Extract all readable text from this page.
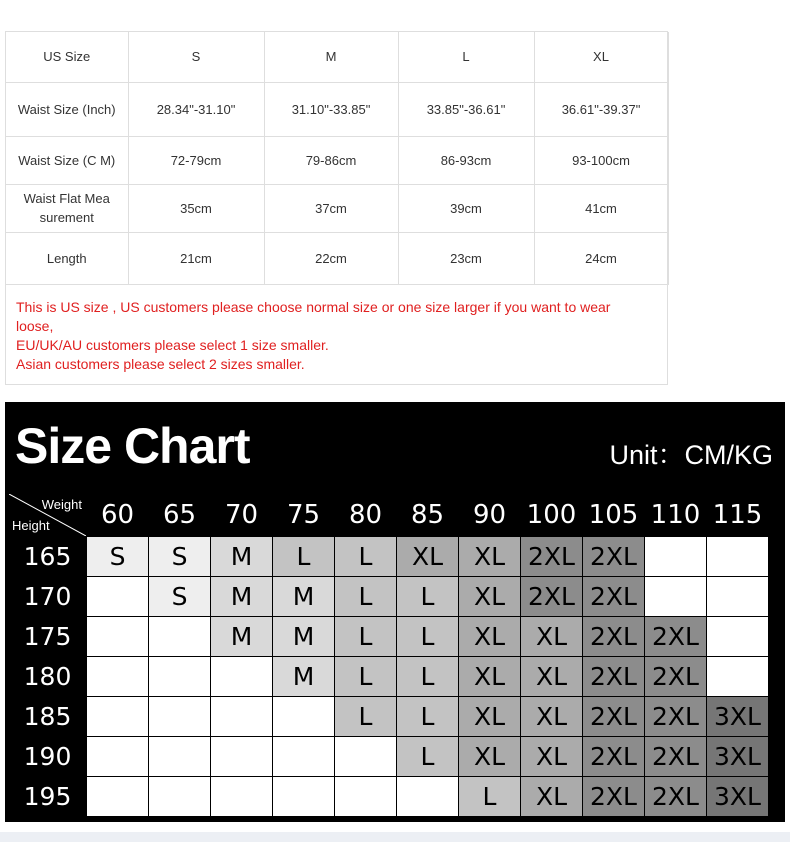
US Size	S	M	L	XL
Waist Size (Inch)	28.34"-31.10"	31.10"-33.85"	33.85"-36.61"	36.61"-39.37"
Waist Size (C M)	72-79cm	79-86cm	86-93cm	93-100cm
Waist Flat Mea surement	35cm	37cm	39cm	41cm
Length	21cm	22cm	23cm	24cm
This is US size , US customers please choose normal size or one size larger if you want to wear loose,
EU/UK/AU customers please select 1 size smaller.
Asian customers please select 2 sizes smaller.
Size Chart	Unit：CM/KG
Weight
Height	60	65	70	75	80	85	90	100	105	110	115
165	S	S	M	L	L	XL	XL	2XL	2XL		
170		S	M	M	L	L	XL	2XL	2XL		
175			M	M	L	L	XL	XL	2XL	2XL	
180				M	L	L	XL	XL	2XL	2XL	
185					L	L	XL	XL	2XL	2XL	3XL
190						L	XL	XL	2XL	2XL	3XL
195							L	XL	2XL	2XL	3XL
